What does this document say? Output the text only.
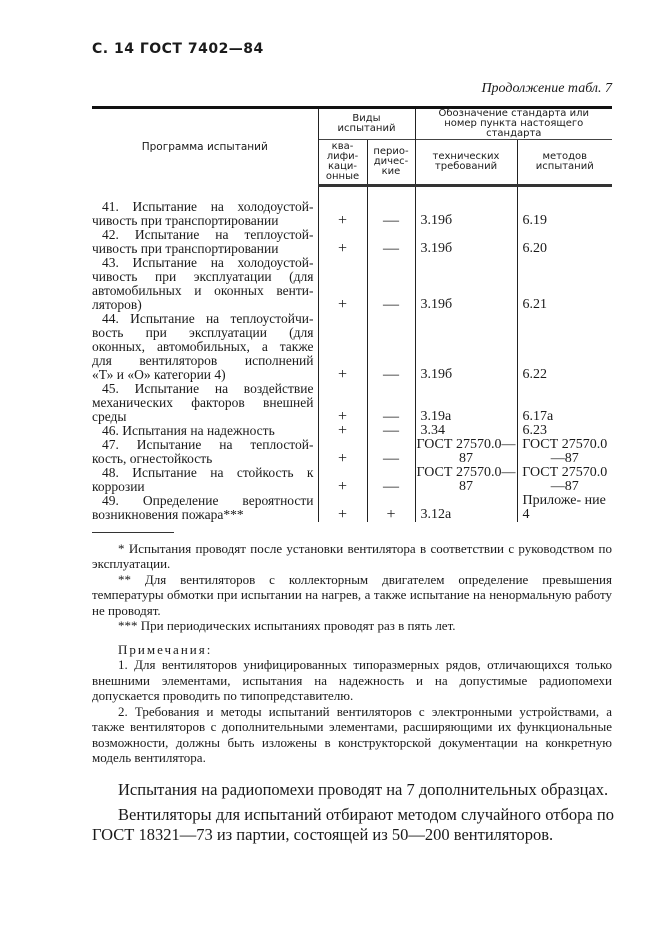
С. 14 ГОСТ 7402—84
Продолжение табл. 7
Программа испытаний	Виды испытаний		Обозначение стандарта или номер пункта настоящего стандарта	
	ква- лифи- каци- онные	перио- дичес- кие	технических требований	методов испытаний

41. Испытание на холодоустой-
чивость при транспортировании	+	—	3.19б	6.19

42. Испытание на теплоустой-
чивость при транспортировании	+	—	3.19б	6.20

43. Испытание на холодоустой-
чивость при эксплуатации (для
автомобильных и оконных венти-
ляторов)	+	—	3.19б	6.21

44. Испытание на теплоустойчи-
вость при эксплуатации (для
оконных, автомобильных, а также
для вентиляторов исполнений
«Т» и «О» категории 4)	+	—	3.19б	6.22

45. Испытание на воздействие
механических факторов внешней
среды	+	—	3.19а	6.17а

46. Испытания на надежность	+	—	3.34	6.23

47. Испытание на теплостой-
кость, огнестойкость	+	—	ГОСТ 27570.0—87	ГОСТ 27570.0—87

48. Испытание на стойкость к
коррозии	+	—	ГОСТ 27570.0—87	ГОСТ 27570.0—87

49. Определение вероятности
возникновения пожара***	+	+	3.12а	Приложе- ние 4

* Испытания проводят после установки вентилятора в соответствии с руководством по эксплуатации.

** Для вентиляторов с коллекторным двигателем определение превышения температуры обмотки при испытании на нагрев, а также испытание на ненормальную работу не проводят.

*** При периодических испытаниях проводят раз в пять лет.

Примечания:

1. Для вентиляторов унифицированных типоразмерных рядов, отличающихся только внешними элементами, испытания на надежность и на допустимые радиопомехи допускается проводить по типопредставителю.

2. Требования и методы испытаний вентиляторов с электронными устройствами, а также вентиляторов с дополнительными элементами, расширяющими их функциональные возможности, должны быть изложены в конструкторской документации на конкретную модель вентилятора.

Испытания на радиопомехи проводят на 7 дополнительных образцах.

Вентиляторы для испытаний отбирают методом случайного отбора по ГОСТ 18321—73 из партии, состоящей из 50—200 вентиляторов.
